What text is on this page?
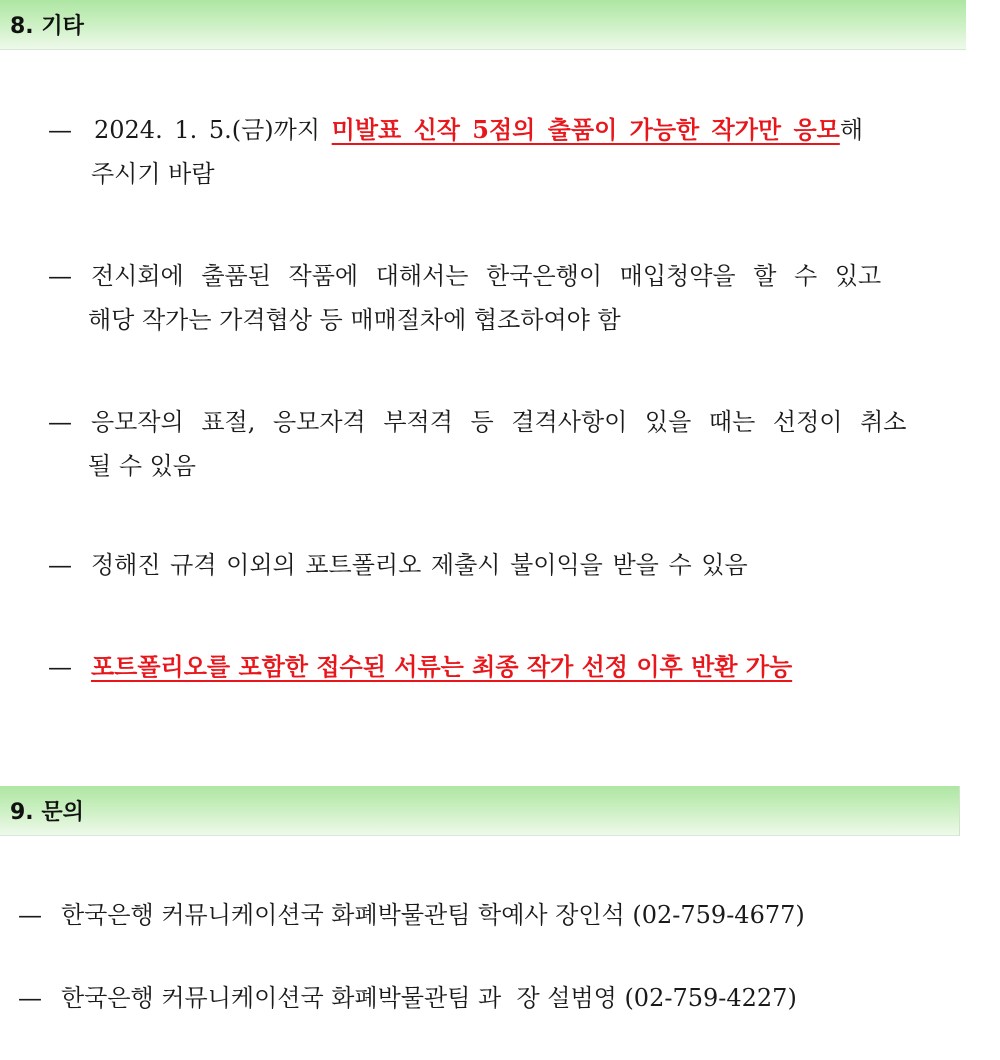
8. 기타
— 2024. 1. 5.(금)까지 미발표 신작 5점의 출품이 가능한 작가만 응모해
주시기 바람
— 전시회에 출품된 작품에 대해서는 한국은행이 매입청약을 할 수 있고
해당 작가는 가격협상 등 매매절차에 협조하여야 함
— 응모작의 표절, 응모자격 부적격 등 결격사항이 있을 때는 선정이 취소
될 수 있음
— 정해진 규격 이외의 포트폴리오 제출시 불이익을 받을 수 있음
— 포트폴리오를 포함한 접수된 서류는 최종 작가 선정 이후 반환 가능
9. 문의
— 한국은행 커뮤니케이션국 화폐박물관팀 학예사 장인석 (02-759-4677)
— 한국은행 커뮤니케이션국 화폐박물관팀 과  장 설범영 (02-759-4227)
